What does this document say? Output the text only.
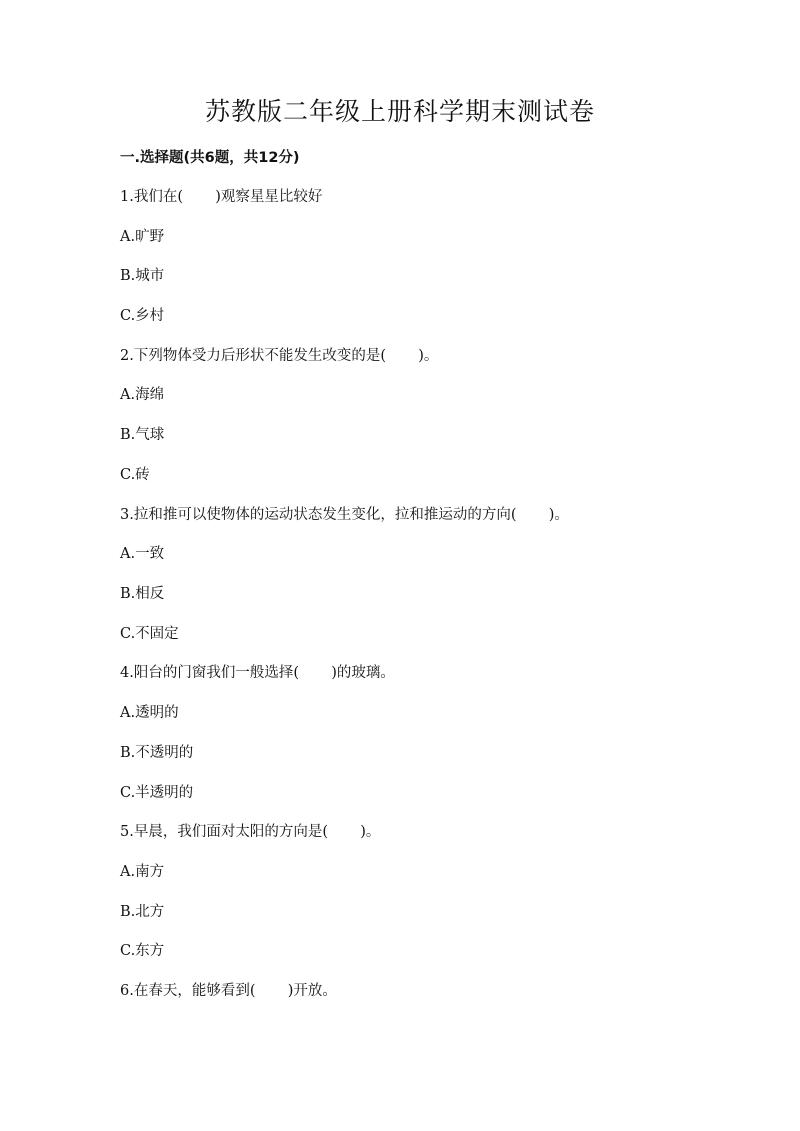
苏教版二年级上册科学期末测试卷
一.选择题(共6题，共12分)
1.我们在(       )观察星星比较好
A.旷野
B.城市
C.乡村
2.下列物体受力后形状不能发生改变的是(       )。
A.海绵
B.气球
C.砖
3.拉和推可以使物体的运动状态发生变化，拉和推运动的方向(       )。
A.一致
B.相反
C.不固定
4.阳台的门窗我们一般选择(       )的玻璃。
A.透明的
B.不透明的
C.半透明的
5.早晨，我们面对太阳的方向是(       )。
A.南方
B.北方
C.东方
6.在春天，能够看到(       )开放。
